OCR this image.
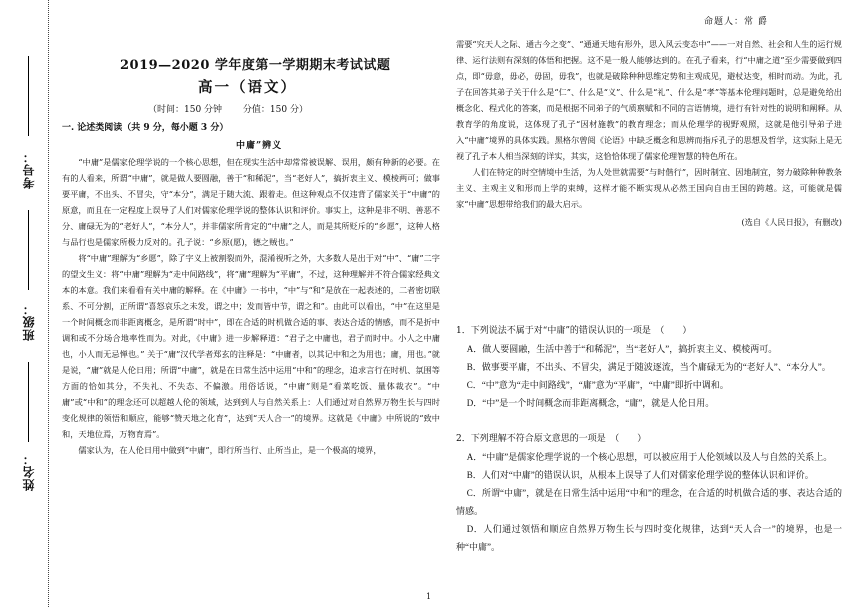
考号：
班级：
姓名：
命题人：常 爵
2019—2020 学年度第一学期期末考试试题
高一（语文）
（时间：150 分钟 分值：150 分）
一. 论述类阅读（共 9 分，每小题 3 分）
中庸”辨义

“中庸”是儒家伦理学说的一个核心思想，但在现实生活中却常常被误解、误用，颇有种新的必要。在有的人看来，所谓“中庸”，就是做人要圆融，善于“和稀泥”，当“老好人”，搞折衷主义、模棱两可；做事要平庸，不出头、不冒尖，守“本分”，满足于随大流、跟着走。但这种观点不仅违背了儒家关于“中庸”的原意，而且在一定程度上误导了人们对儒家伦理学说的整体认识和评价。事实上，这种是非不明、善恶不分、庸碌无为的“老好人”，“本分人”，并非儒家所肯定的“中庸”之人，而是其所贬斥的“乡愿”，这种人格与品行也是儒家所极力反对的。孔子说：“乡原(愿)，德之贼也。”

将“中庸”理解为“乡愿”，除了字义上被割裂而外，混淆视听之外，大多数人是出于对“中”、“庸”二字的望文生义：将“中庸”理解为“走中间路线”，将“庸”理解为“平庸”，不过，这种理解并不符合儒家经典文本的本意。我们来看看有关中庸的解释。在《中庸》一书中，“中”与“和”是放在一起表述的，二者密切联系、不可分割，正所谓“喜怒哀乐之未发，谓之中；发而皆中节，谓之和”。由此可以看出，“中”在这里是一个时间概念而非距离概念，是所谓“时中”，即在合适的时机做合适的事、表达合适的情感，而不是折中调和或不分场合地率性而为。对此，《中庸》进一步解释道：“君子之中庸也，君子而时中。小人之中庸也，小人而无忌惮也。” 关于“庸”汉代学者郑玄的注释是：“中庸者，以其记中和之为用也；庸，用也。”就是说，“庸”就是人伦日用；所谓“中庸”，就是在日常生活中运用“中和”的理念，追求言行在时机、氛围等方面的恰如其分，不失礼、不失态、不偏激。用俗话说，“中庸”则是“看菜吃饭、量体裁衣”。“中庸”或“中和”的理念还可以超越人伦的领域，达到到人与自然关系上：人们通过对自然界万物生长与四时变化规律的领悟和顺应，能够“赞天地之化育”，达到“天人合一”的境界。这就是《中庸》中所说的“致中和，天地位焉，万物育焉”。

儒家认为，在人伦日用中做到“中庸”，即行所当行、止所当止，是一个极高的境界，

需要“究天人之际、通古今之变”、“通通天地有形外，思入风云变态中”——一对自然、社会和人生的运行规律、运行法则有深刻的体悟和把握。这不是一般人能够达到的。在孔子看来，行“中庸之道”至少需要做到四点，即“毋意，毋必，毋固，毋我”，也就是破除种种思维定势和主观成见，避杖达变，相时而动。为此，孔子在回答其弟子关于什么是“仁”、什么是“义”、什么是“礼”、什么是“孝”等基本伦理问题时，总是避免给出概念化、程式化的答案，而是根据不同弟子的气质禀赋和不同的言语情境，进行有针对性的说明和阐释。从教育学的角度说，这体现了孔子“因材施教”的教育理念；而从伦理学的视野观照，这就是他引导弟子进入“中庸”境界的具体实践。黑格尔曾阅《论语》中缺乏概念和思辨而指斥孔子的思想及哲学，这实际上是无视了孔子本人相当深刻的详实，其实，这恰恰体现了儒家伦理智慧的特色所在。

人们在特定的时空情境中生活，为人处世就需要“与时偕行”，因时制宜、因地制宜，努力破除种种教条主义、主观主义和形而上学的束缚，这样才能不断实现从必然王国向自由王国的跨越。这，可能就是儒家“中庸”思想带给我们的最大启示。

(选自《人民日报》，有删改)

1．下列说法不属于对“中庸”的错误认识的一项是　（　　）

A．做人要圆融，生活中善于“和稀泥”，当“老好人”，搞折衷主义、模棱两可。

B．做事要平庸，不出头、不冒尖，满足于随波逐流，当个庸碌无为的“老好人”、“本分人”。

C．“中”意为“走中间路线”，“庸”意为“平庸”，“中庸”即折中调和。

D．“中”是一个时间概念而非距离概念，“庸”，就是人伦日用。

2．下列理解不符合原文意思的一项是　（　　）

A．“中庸”是儒家伦理学说的一个核心思想，可以被应用于人伦领域以及人与自然的关系上。

B．人们对“中庸”的错误认识，从根本上误导了人们对儒家伦理学说的整体认识和评价。

C．所谓“中庸”，就是在日常生活中运用“中和”的理念，在合适的时机做合适的事、表达合适的情感。

D．人们通过领悟和顺应自然界万物生长与四时变化规律，达到“天人合一”的境界，也是一种“中庸”。

1
